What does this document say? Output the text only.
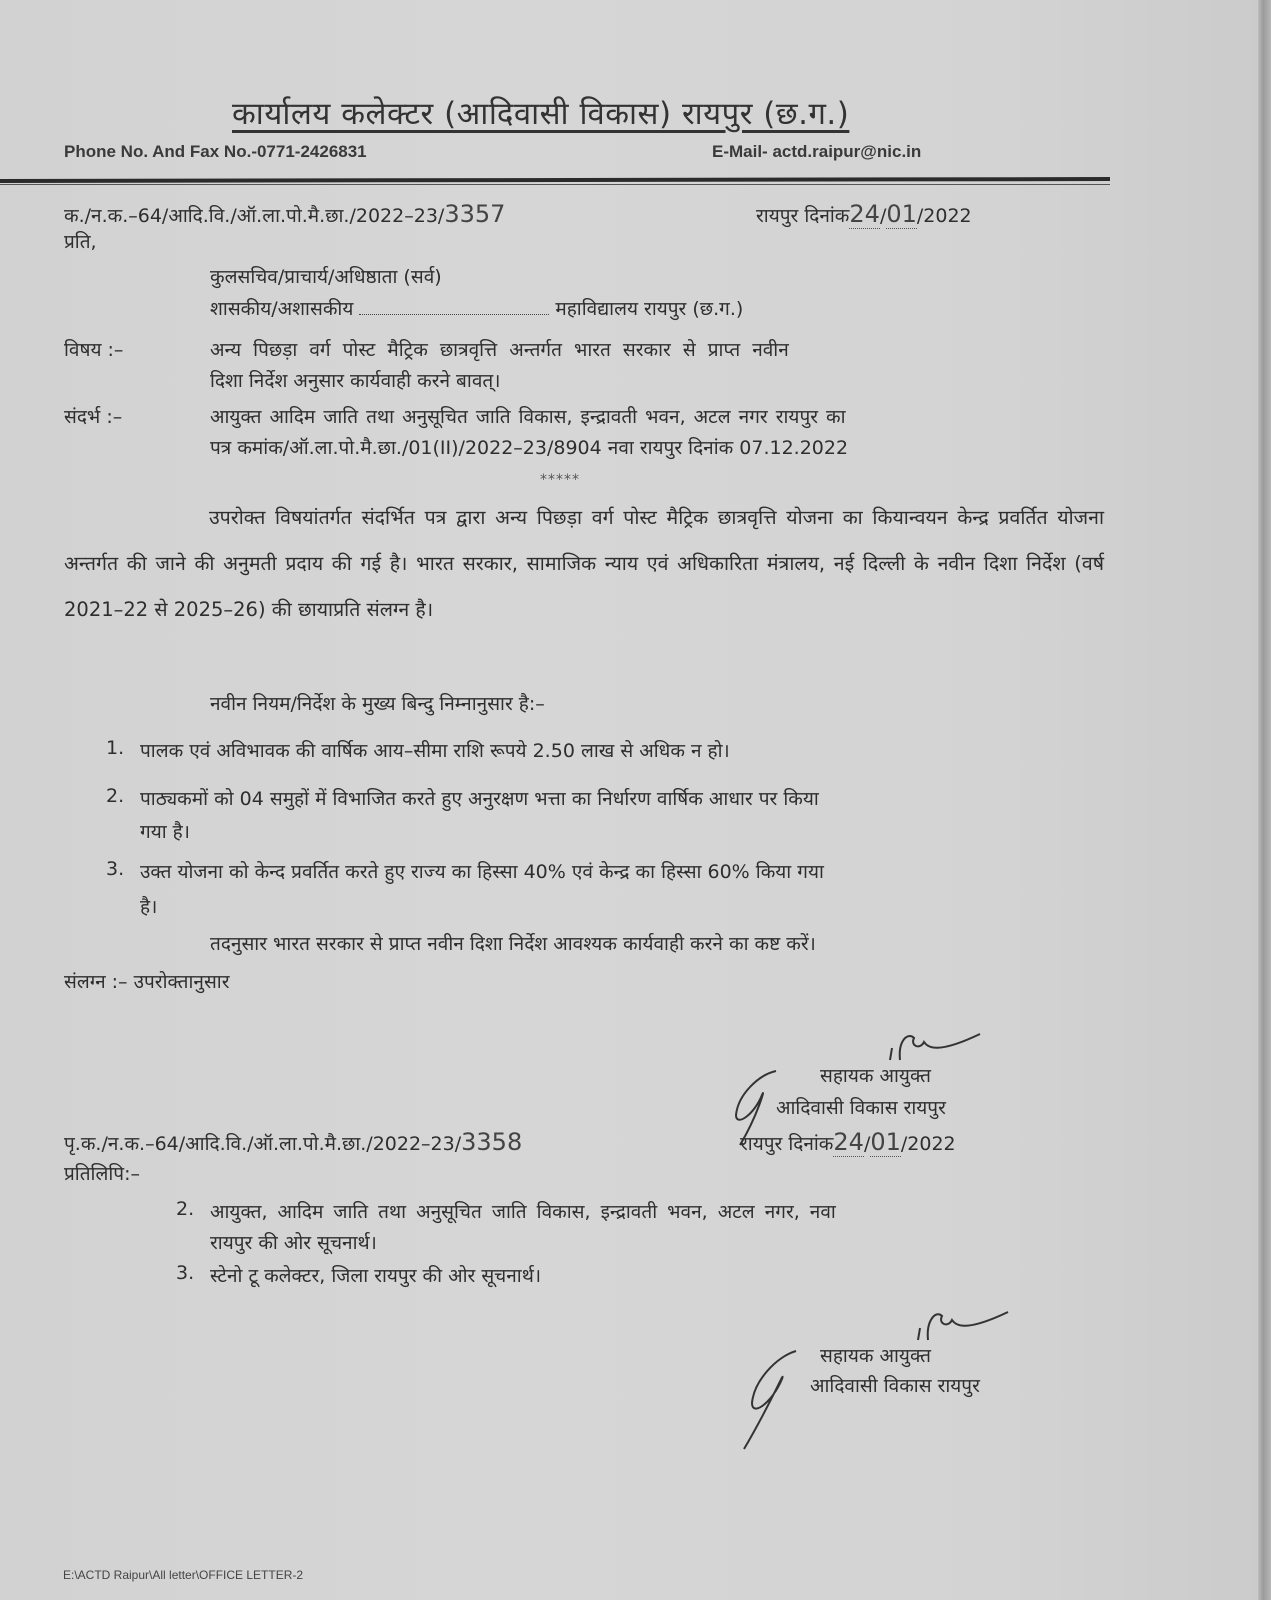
कार्यालय कलेक्टर (आदिवासी विकास) रायपुर (छ.ग.)
Phone No. And Fax No.-0771-2426831	E-Mail- actd.raipur@nic.in
क./न.क.–64/आदि.वि./ऑ.ला.पो.मै.छा./2022–23/3357	रायपुर दिनांक24/01/2022
प्रति,
कुलसचिव/प्राचार्य/अधिष्ठाता (सर्व)
शासकीय/अशासकीय	महाविद्यालय रायपुर (छ.ग.)
विषय :–	अन्य पिछड़ा वर्ग पोस्ट मैट्रिक छात्रवृत्ति अन्तर्गत भारत सरकार से प्राप्त नवीन
दिशा निर्देश अनुसार कार्यवाही करने बावत्।
संदर्भ :–	आयुक्त आदिम जाति तथा अनुसूचित जाति विकास, इन्द्रावती भवन, अटल नगर रायपुर का
पत्र कमांक/ऑ.ला.पो.मै.छा./01(II)/2022–23/8904 नवा रायपुर दिनांक 07.12.2022
*****
उपरोक्त विषयांतर्गत संदर्भित पत्र द्वारा अन्य पिछड़ा वर्ग पोस्ट मैट्रिक छात्रवृत्ति योजना का कियान्वयन केन्द्र प्रवर्तित योजना अन्तर्गत की जाने की अनुमती प्रदाय की गई है। भारत सरकार, सामाजिक न्याय एवं अधिकारिता मंत्रालय, नई दिल्ली के नवीन दिशा निर्देश (वर्ष 2021–22 से 2025–26) की छायाप्रति संलग्न है।
नवीन नियम/निर्देश के मुख्य बिन्दु निम्नानुसार है:–
1. पालक एवं अविभावक की वार्षिक आय–सीमा राशि रूपये 2.50 लाख से अधिक न हो।
2. पाठ्यकमों को 04 समुहों में विभाजित करते हुए अनुरक्षण भत्ता का निर्धारण वार्षिक आधार पर किया
गया है।
3. उक्त योजना को केन्द प्रवर्तित करते हुए राज्य का हिस्सा 40% एवं केन्द्र का हिस्सा 60% किया गया
है।
तदनुसार भारत सरकार से प्राप्त नवीन दिशा निर्देश आवश्यक कार्यवाही करने का कष्ट करें।
संलग्न :– उपरोक्तानुसार
सहायक आयुक्त
आदिवासी विकास रायपुर
पृ.क./न.क.–64/आदि.वि./ऑ.ला.पो.मै.छा./2022–23/3358	रायपुर दिनांक24/01/2022
प्रतिलिपि:–
2. आयुक्त, आदिम जाति तथा अनुसूचित जाति विकास, इन्द्रावती भवन, अटल नगर, नवा
रायपुर की ओर सूचनार्थ।
3. स्टेनो टू कलेक्टर, जिला रायपुर की ओर सूचनार्थ।
सहायक आयुक्त
आदिवासी विकास रायपुर
E:\ACTD Raipur\All letter\OFFICE LETTER-2
